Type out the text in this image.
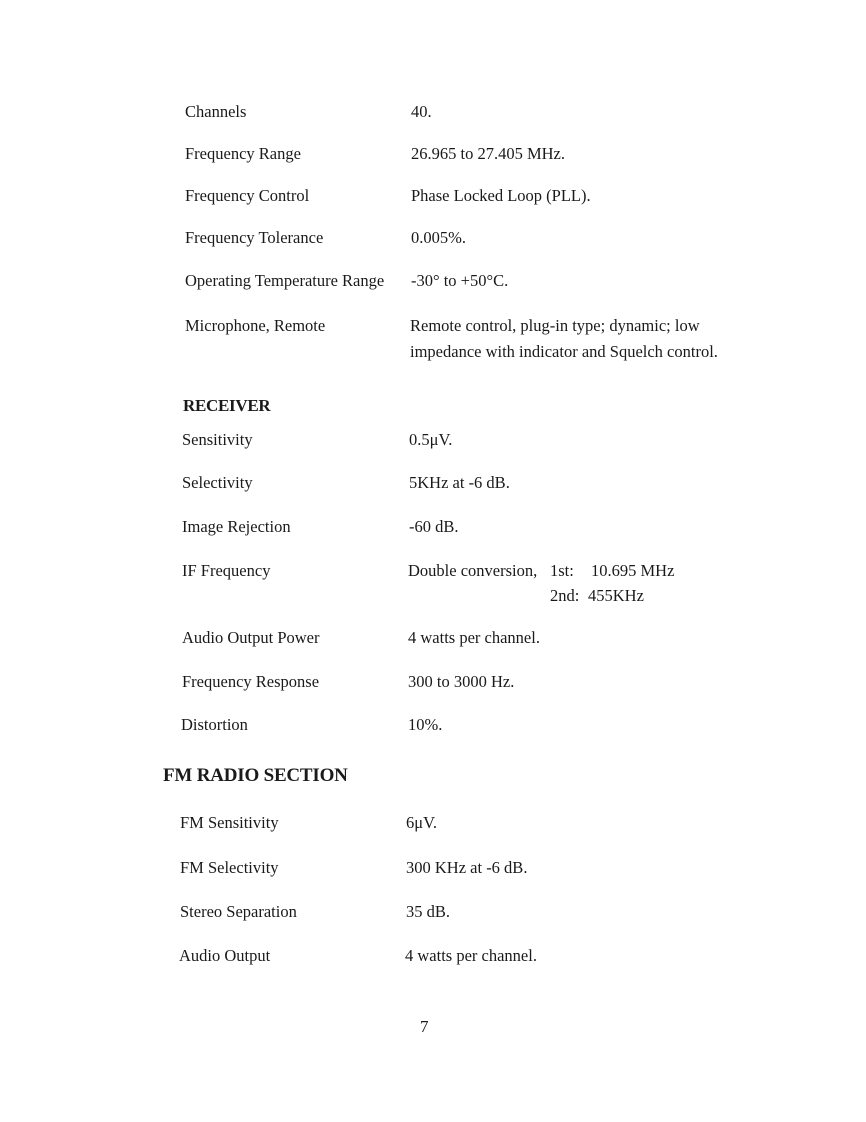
Channels	40.
Frequency Range	26.965 to 27.405 MHz.
Frequency Control	Phase Locked Loop (PLL).
Frequency Tolerance	0.005%.
Operating Temperature Range -30° to +50°C.
Microphone, Remote	Remote control, plug-in type; dynamic; low
impedance with indicator and Squelch control.
RECEIVER
Sensitivity	0.5μV.
Selectivity	5KHz at -6 dB.
Image Rejection	-60 dB.
IF Frequency	Double conversion, 1st: 10.695 MHz
2nd: 455KHz
Audio Output Power	4 watts per channel.
Frequency Response	300 to 3000 Hz.
Distortion	10%.
FM RADIO SECTION
FM Sensitivity	6μV.
FM Selectivity	300 KHz at -6 dB.
Stereo Separation	35 dB.
Audio Output	4 watts per channel.
7
